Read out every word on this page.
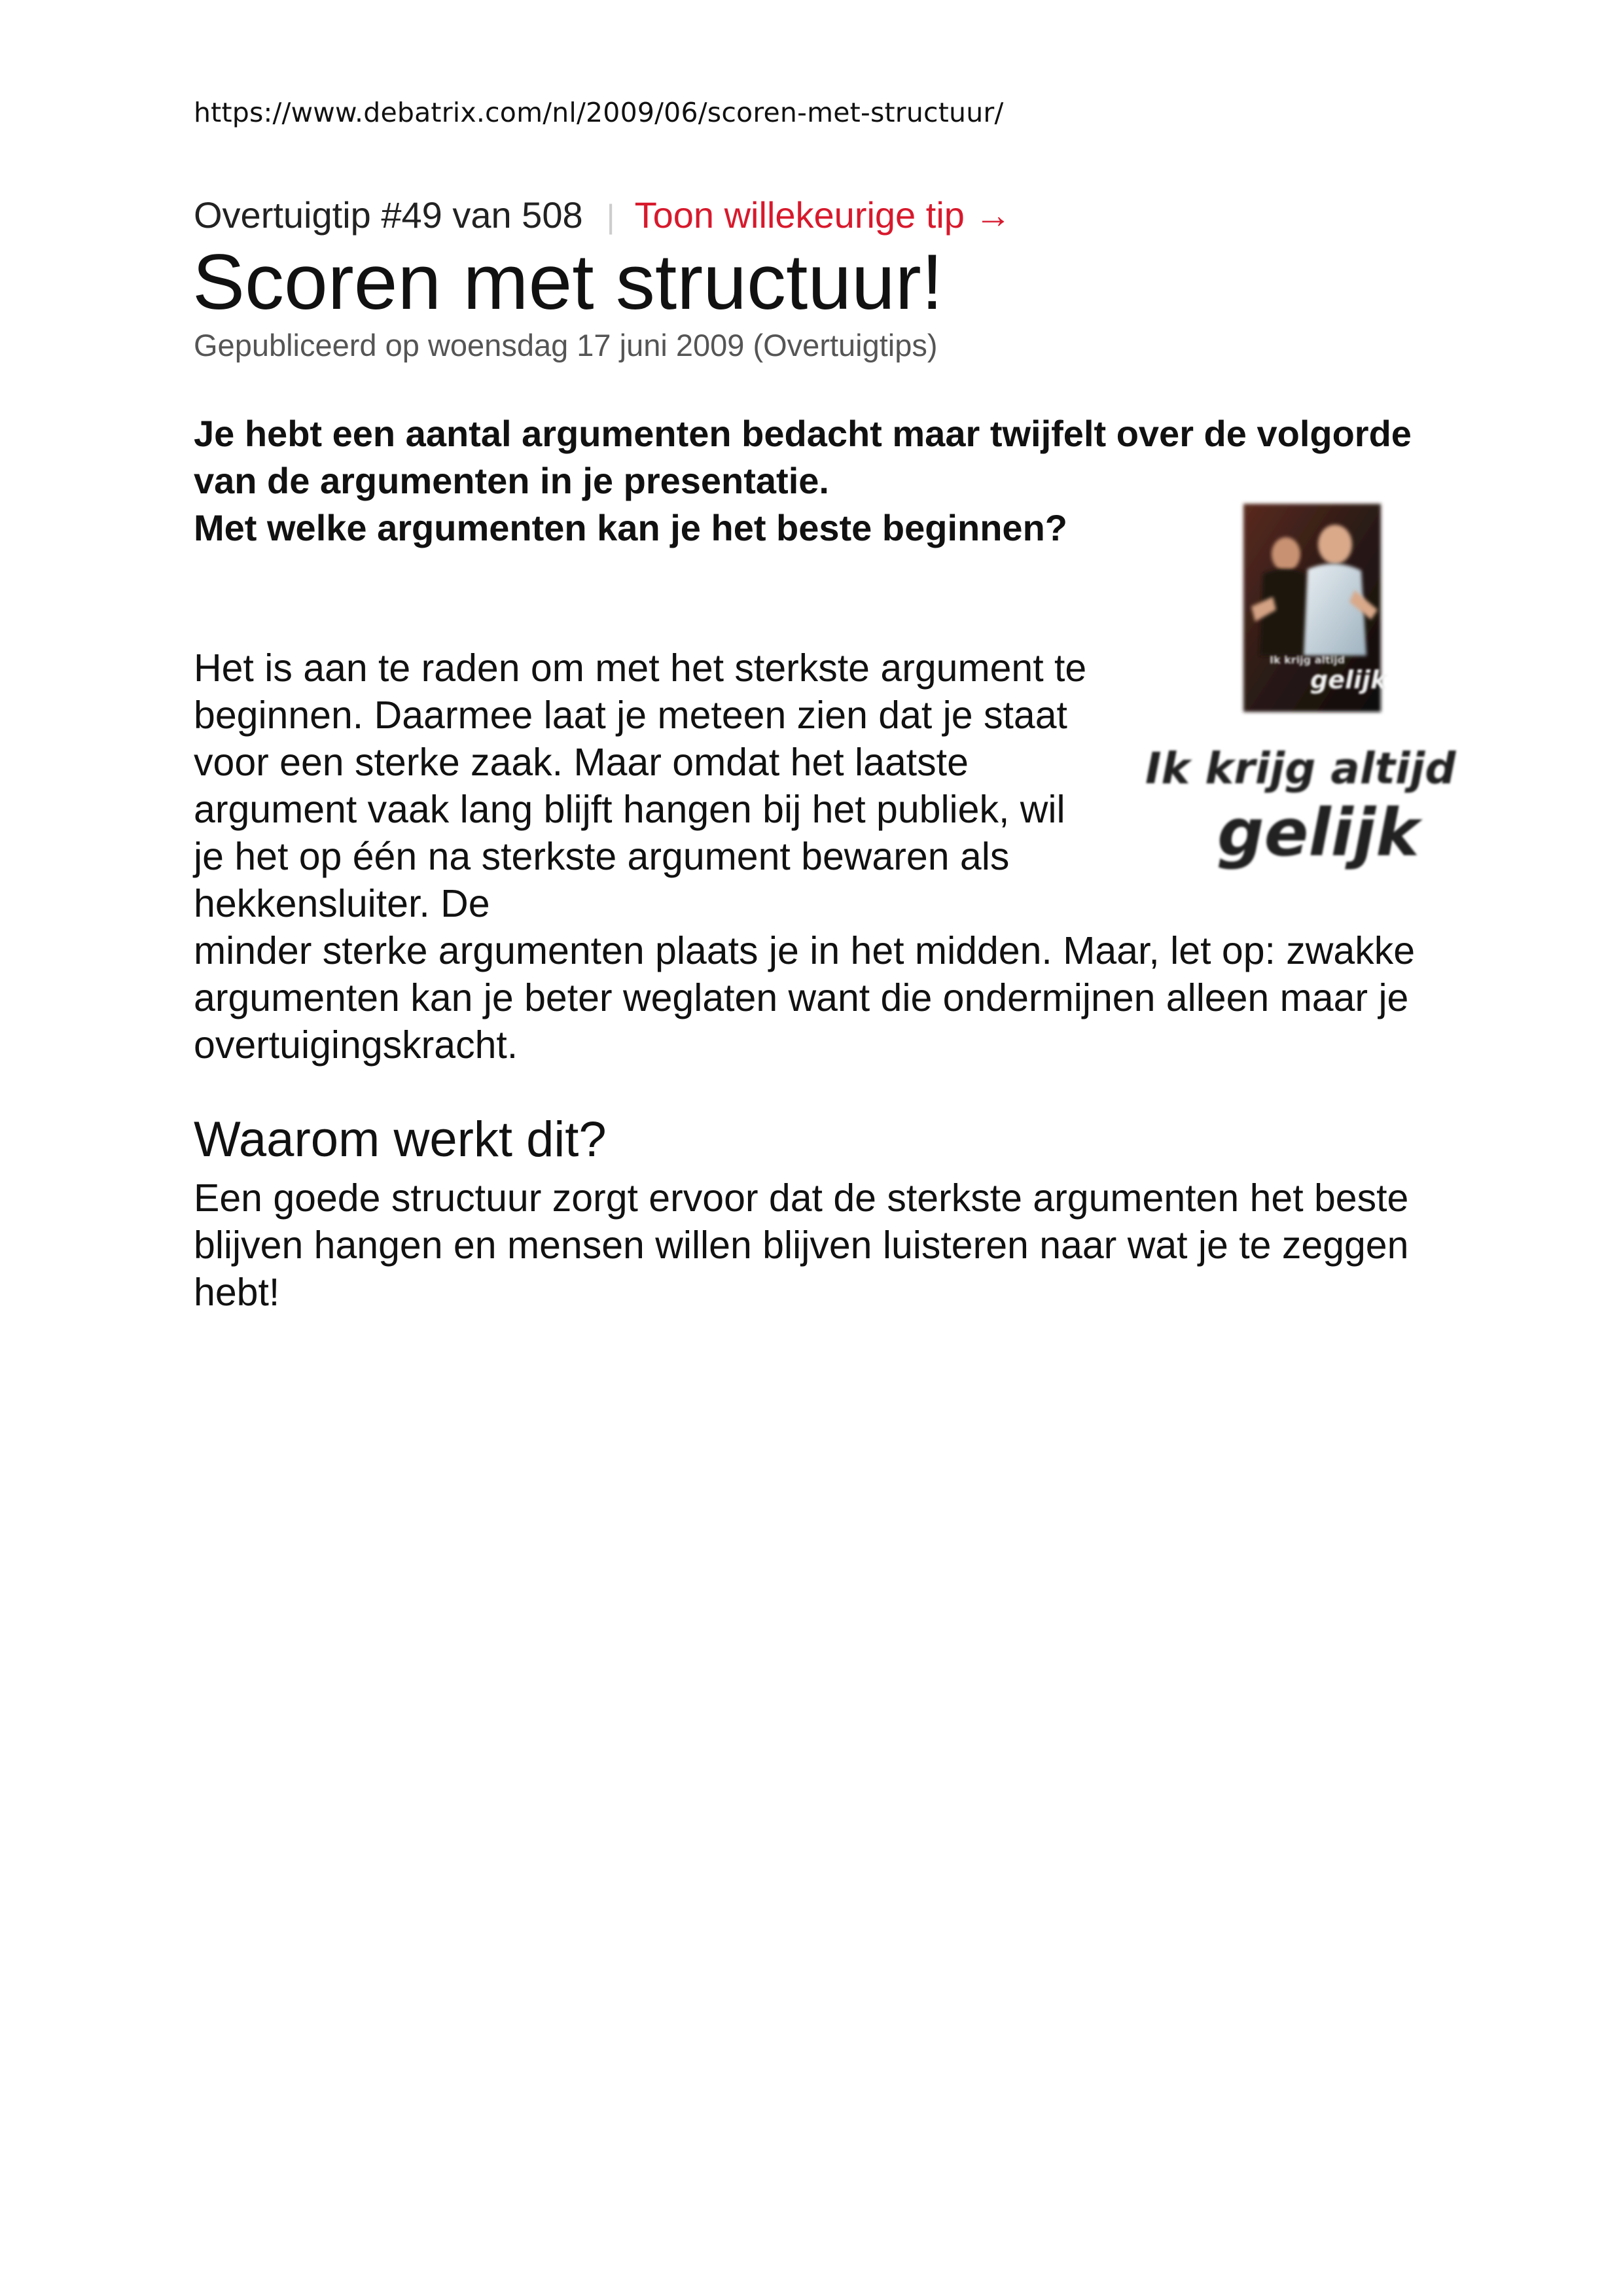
https://www.debatrix.com/nl/2009/06/scoren-met-structuur/
Overtuigtip #49 van 508 | Toon willekeurige tip →
Scoren met structuur!
Gepubliceerd op woensdag 17 juni 2009 (Overtuigtips)

Je hebt een aantal argumenten bedacht maar twijfelt over de volgorde van de argumenten in je presentatie.
Met welke argumenten kan je het beste beginnen?

Ik krijg altijd
gelijk
Ik krijg altijd
gelijk

Het is aan te raden om met het sterkste argument te beginnen. Daarmee laat je meteen zien dat je staat voor een sterke zaak. Maar omdat het laatste argument vaak lang blijft hangen bij het publiek, wil je het op één na sterkste argument bewaren als hekkensluiter. De
minder sterke argumenten plaats je in het midden. Maar, let op: zwakke argumenten kan je beter weglaten want die ondermijnen alleen maar je overtuigingskracht.

Waarom werkt dit?

Een goede structuur zorgt ervoor dat de sterkste argumenten het beste blijven hangen en mensen willen blijven luisteren naar wat je te zeggen hebt!
